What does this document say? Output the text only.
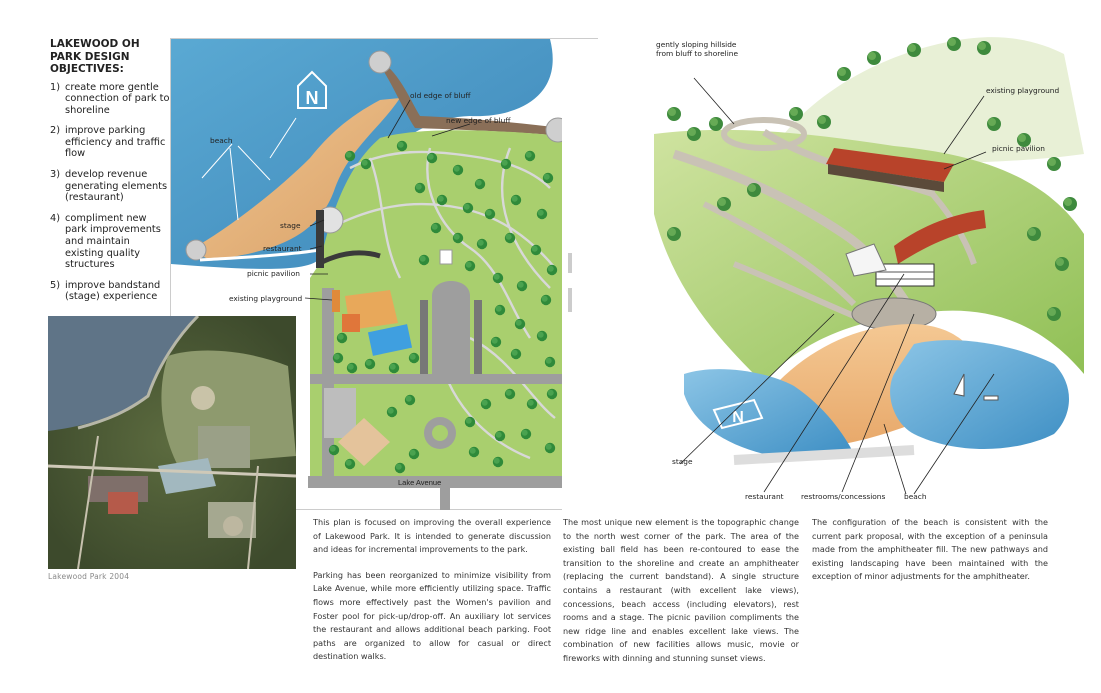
LAKEWOOD OH PARK DESIGN OBJECTIVES:
1) create more gentle connection of park to shoreline
2) improve parking efficiency and traffic flow
3) develop revenue generating elements (restaurant)
4) compliment new park improvements and maintain existing quality structures
5) improve bandstand (stage) experience
N
Lake Avenue
beach
old edge of bluff
new edge of bluff
stage
restaurant
picnic pavilion
existing playground
Lakewood Park 2004
N
gently sloping hillside from bluff to shoreline
existing playground
picnic pavilion
stage
restaurant restrooms/concessions	beach

This plan is focused on improving the overall experience of Lakewood Park. It is intended to generate discussion and ideas for incremental improvements to the park.

Parking has been reorganized to minimize visibility from Lake Avenue, while more efficiently utilizing space. Traffic flows more effectively past the Women's pavilion and Foster pool for pick-up/drop-off. An auxiliary lot services the restaurant and allows additional beach parking. Foot paths are organized to allow for casual or direct destination walks.

The most unique new element is the topographic change to the north west corner of the park. The area of the existing ball field has been re-contoured to ease the transition to the shoreline and create an amphitheater (replacing the current bandstand). A single structure contains a restaurant (with excellent lake views), concessions, beach access (including elevators), rest rooms and a stage. The picnic pavilion compliments the new ridge line and enables excellent lake views. The combination of new facilities allows music, movie or fireworks with dinning and stunning sunset views.

The configuration of the beach is consistent with the current park proposal, with the exception of a peninsula made from the amphitheater fill. The new pathways and existing landscaping have been maintained with the exception of minor adjustments for the amphitheater.
